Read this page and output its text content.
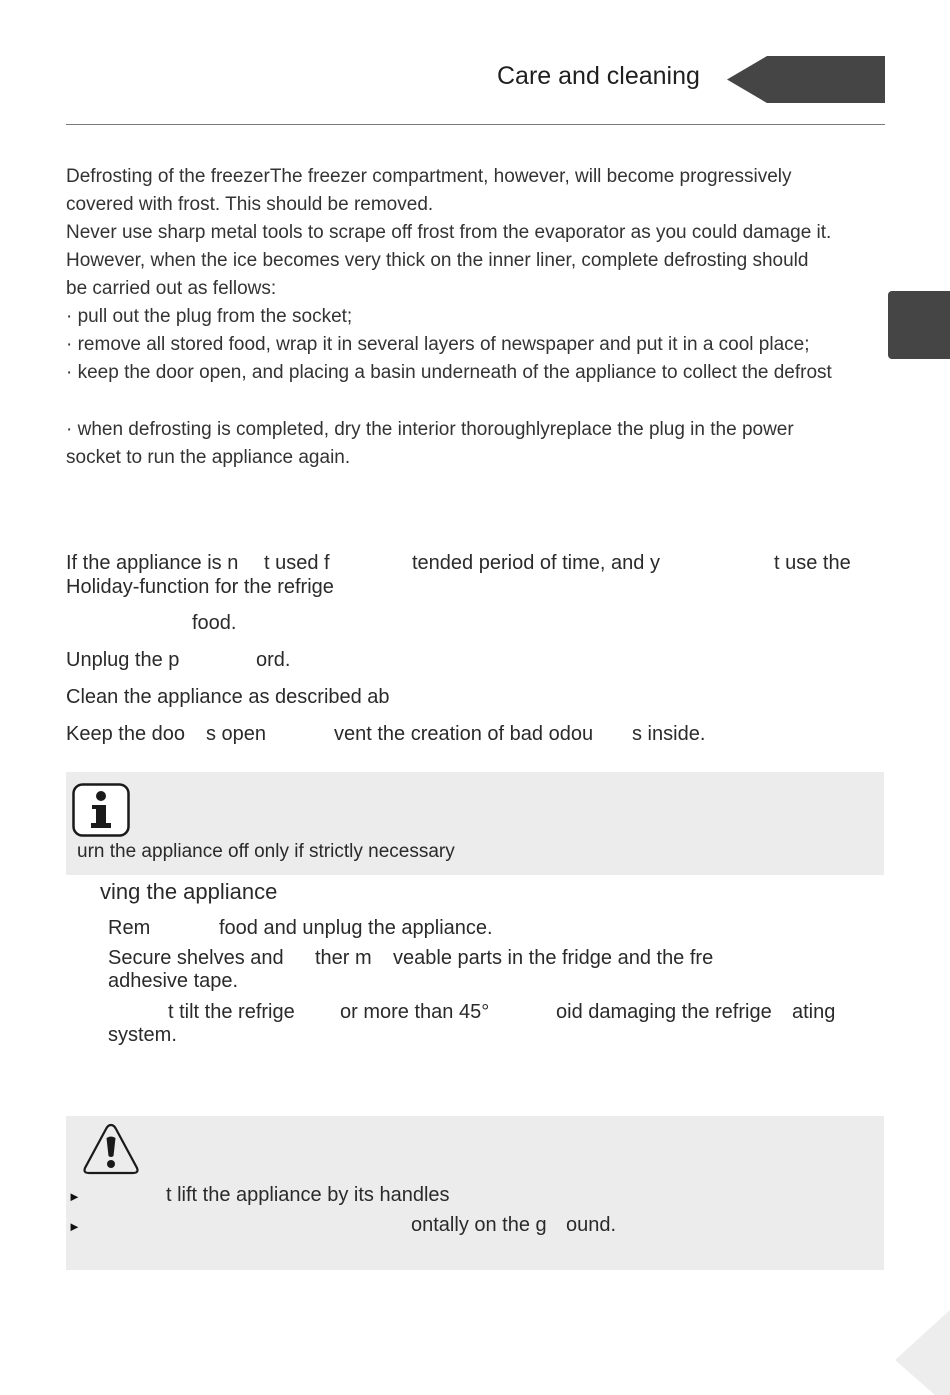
Care and cleaning
Defrosting of the freezerThe freezer compartment, however, will become progressively
covered with frost. This should be removed.
Never use sharp metal tools to scrape off frost from the evaporator as you could damage it.
However, when the ice becomes very thick on the inner liner, complete defrosting should
be carried out as fellows:
· pull out the plug from the socket;
· remove all stored food, wrap it in several layers of newspaper and put it in a cool place;
· keep the door open, and placing a basin underneath of the appliance to collect the defrost
· when defrosting is completed, dry the interior thoroughlyreplace the plug in the power
socket to run the appliance again.
If the appliance is n t used f	tended period of time, and y	t use the
Holiday-function for the refrige
food.
Unplug the p	ord.
Clean the appliance as described ab
Keep the doo s open	vent the creation of bad odou s inside.
urn the appliance off only if strictly necessary
ving the appliance
Rem	food and unplug the appliance.
Secure shelves and ther m veable parts in the fridge and the fre
adhesive tape.
t tilt the refrige or more than 45°	oid damaging the refrige ating
system.
►	t lift the appliance by its handles
►	ontally on the g ound.
